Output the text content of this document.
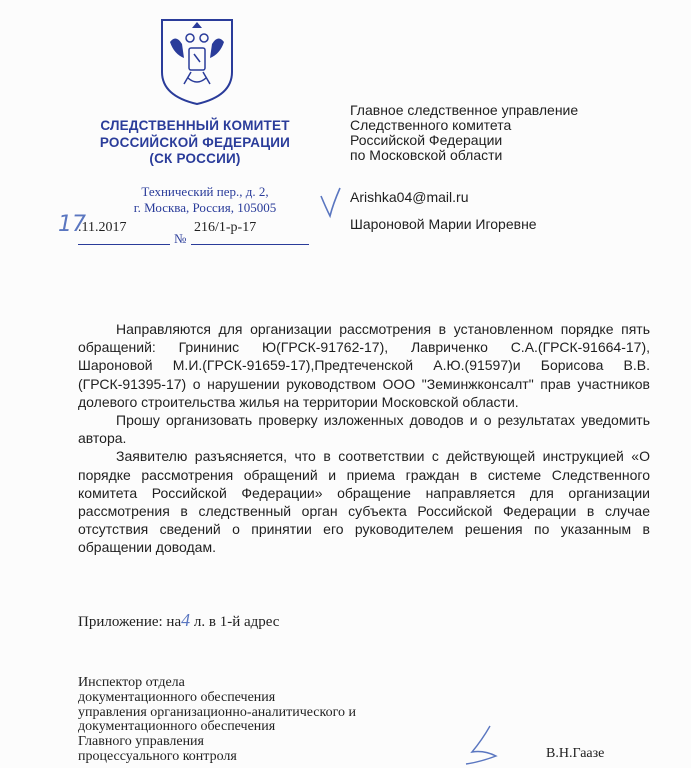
СЛЕДСТВЕННЫЙ КОМИТЕТ
РОССИЙСКОЙ ФЕДЕРАЦИИ
(СК РОССИИ)
Технический пер., д. 2,
г. Москва, Россия, 105005
17
.11.2017
№
216/1-р-17
Главное следственное управление
Следственного комитета
Российской Федерации
по Московской области
Arishka04@mail.ru
Шароновой Марии Игоревне

Направляются для организации рассмотрения в установленном порядке пять обращений: Грининис Ю(ГРСК-91762-17), Лавриченко С.А.(ГРСК-91664-17), Шароновой М.И.(ГРСК-91659-17),Предтеченской А.Ю.(91597)и Борисова В.В.(ГРСК-91395-17) о нарушении руководством ООО "Земинжконсалт" прав участников долевого строительства жилья на территории Московской области.

Прошу организовать проверку изложенных доводов и о результатах уведомить автора.

Заявителю разъясняется, что в соответствии с действующей инструкцией «О порядке рассмотрения обращений и приема граждан в системе Следственного комитета Российской Федерации» обращение направляется для организации рассмотрения в следственный орган субъекта Российской Федерации в случае отсутствия сведений о принятии его руководителем решения по указанным в обращении доводам.

Приложение: на4 л. в 1-й адрес
Инспектор отдела
документационного обеспечения
управления организационно-аналитического и
документационного обеспечения
Главного управления
процессуального контроля	В.Н.Гаазе
